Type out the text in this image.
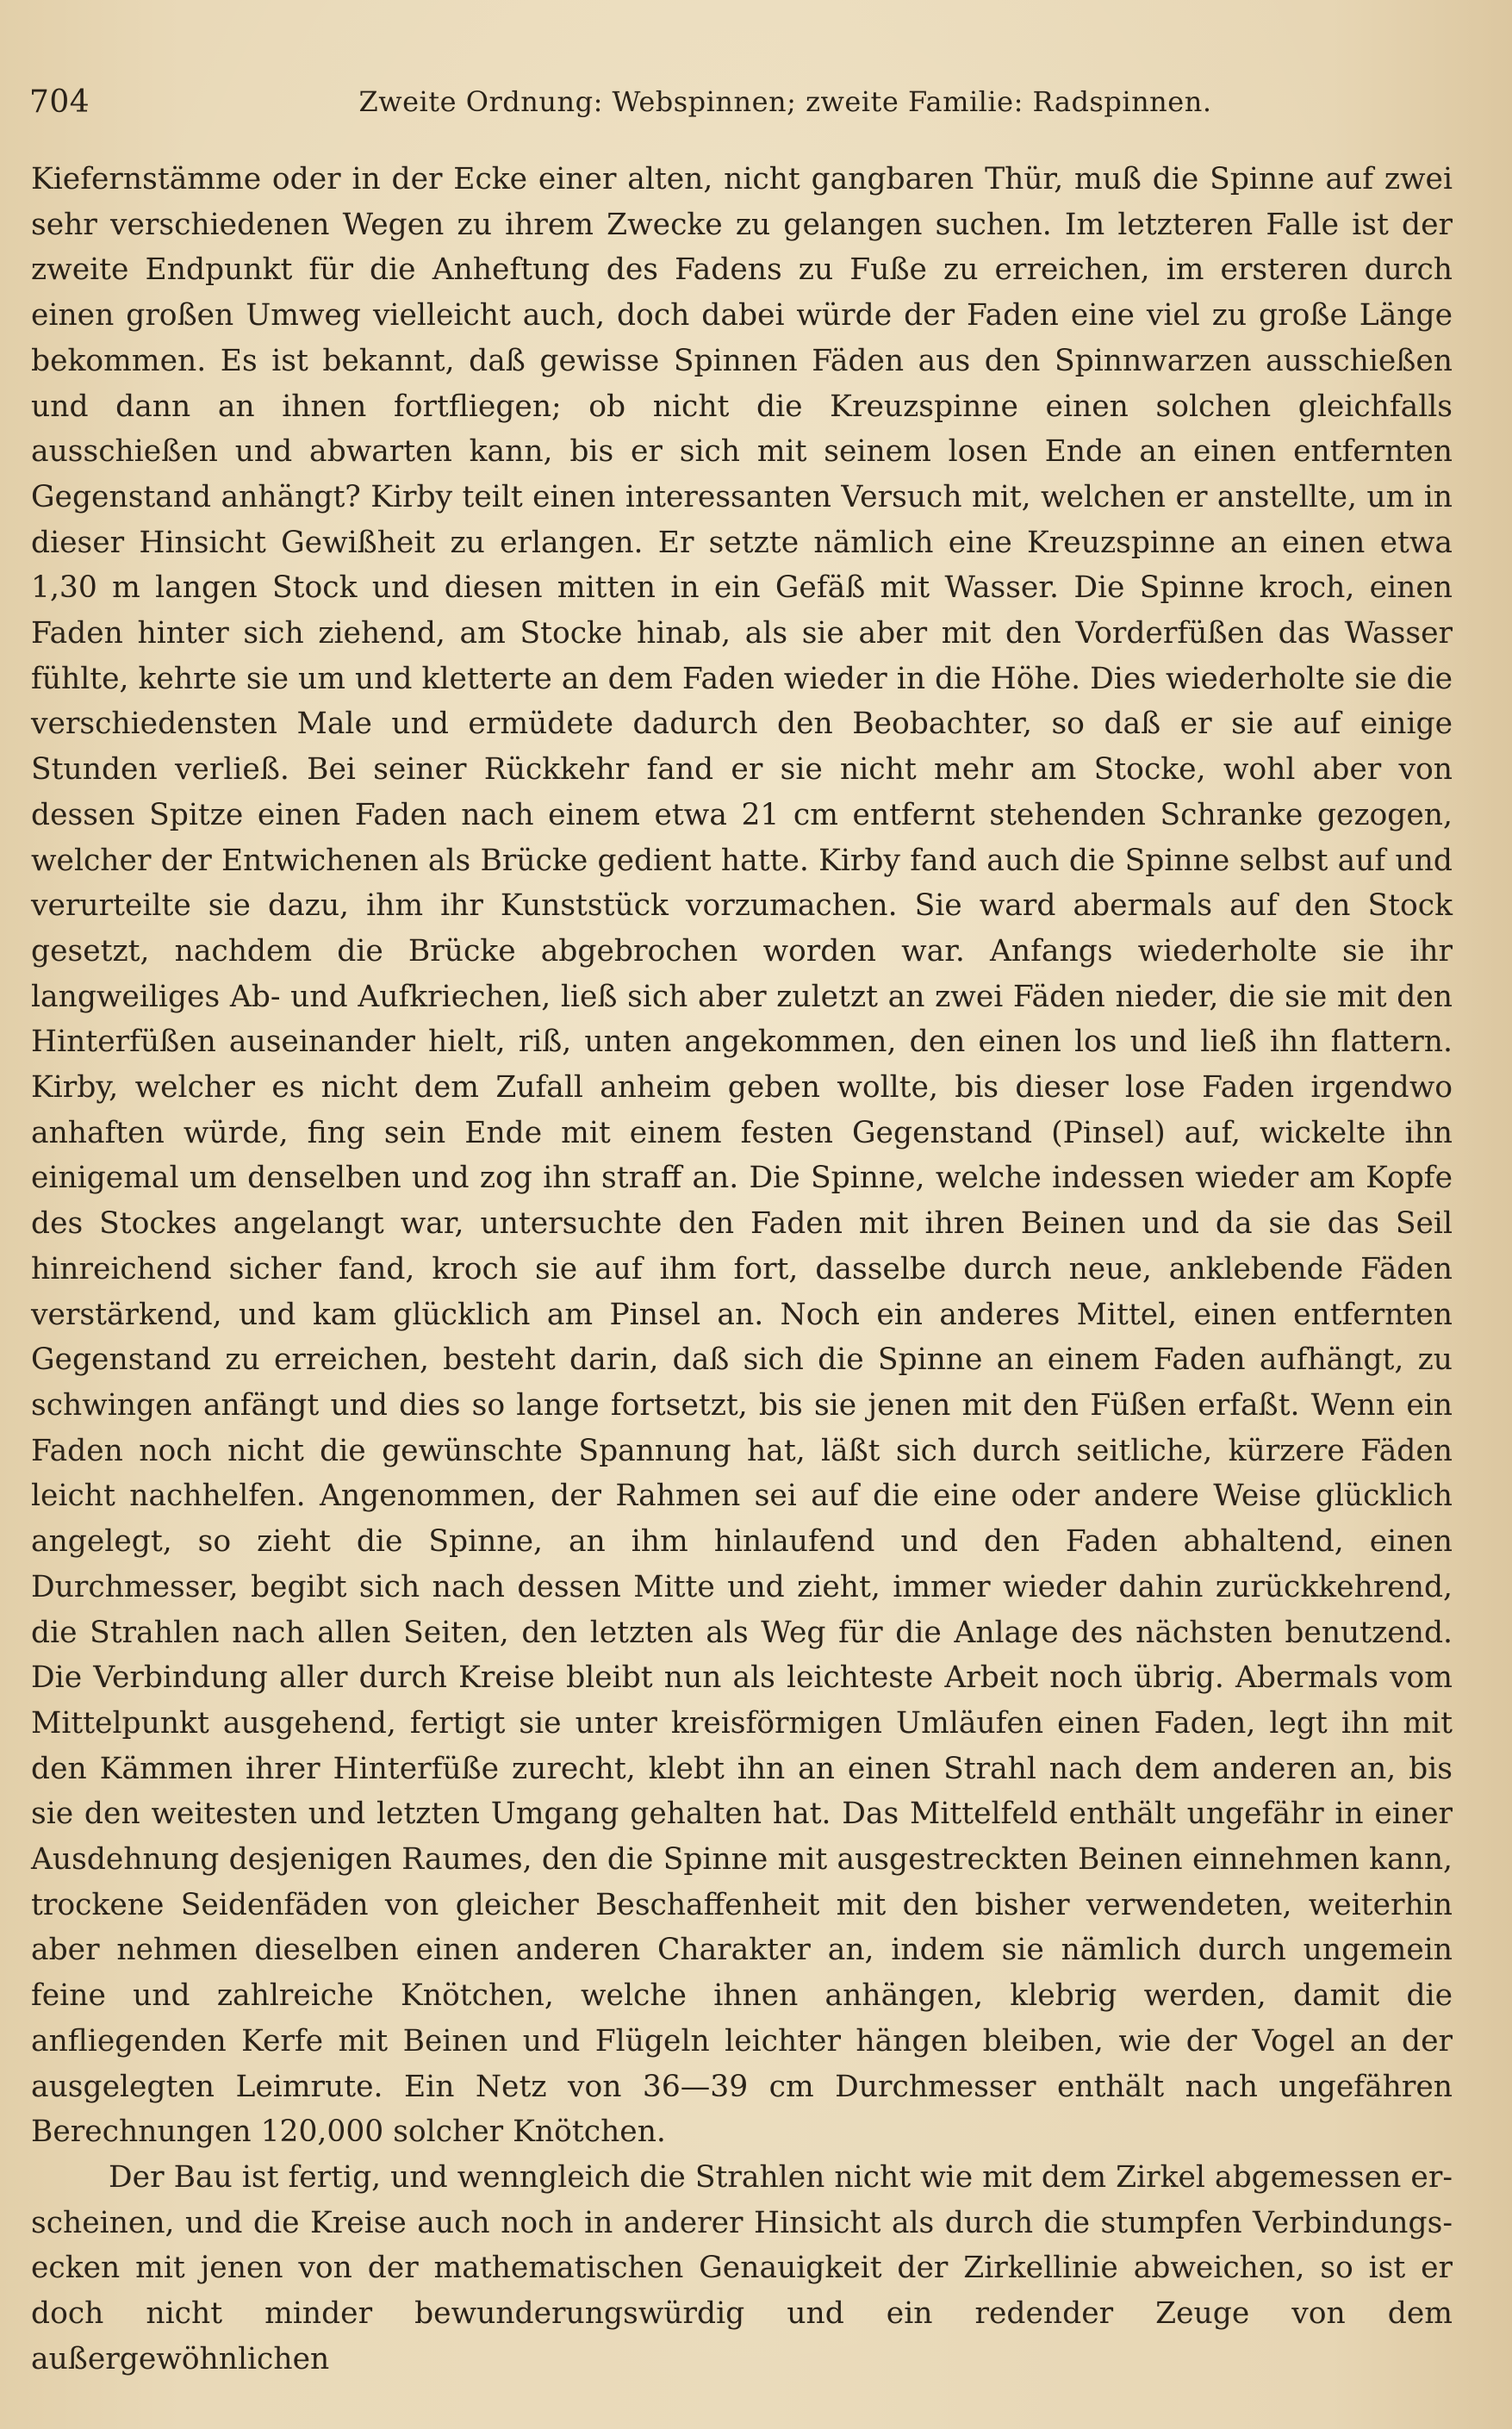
704	Zweite Ordnung: Webspinnen; zweite Familie: Radspinnen.

Kiefernstämme oder in der Ecke einer alten, nicht gangbaren Thür, muß die Spinne auf zwei sehr verschiedenen Wegen zu ihrem Zwecke zu gelangen suchen. Im letzteren Falle ist der zweite Endpunkt für die Anheftung des Fadens zu Fuße zu erreichen, im ersteren durch einen großen Umweg vielleicht auch, doch dabei würde der Faden eine viel zu große Länge bekommen. Es ist bekannt, daß gewisse Spinnen Fäden aus den Spinnwarzen ausschießen und dann an ihnen fortfliegen; ob nicht die Kreuzspinne einen solchen gleichfalls ausschießen und abwarten kann, bis er sich mit seinem losen Ende an einen entfernten Gegenstand anhängt? Kirby teilt einen interessanten Versuch mit, welchen er anstellte, um in dieser Hinsicht Gewißheit zu erlangen. Er setzte nämlich eine Kreuzspinne an einen etwa 1,30 m langen Stock und diesen mitten in ein Gefäß mit Wasser. Die Spinne kroch, einen Faden hinter sich ziehend, am Stocke hinab, als sie aber mit den Vorderfüßen das Wasser fühlte, kehrte sie um und kletterte an dem Faden wieder in die Höhe. Dies wiederholte sie die verschiedensten Male und ermüdete dadurch den Beobachter, so daß er sie auf einige Stunden verließ. Bei seiner Rückkehr fand er sie nicht mehr am Stocke, wohl aber von dessen Spitze einen Faden nach einem etwa 21 cm entfernt stehenden Schranke gezogen, welcher der Entwichenen als Brücke gedient hatte. Kirby fand auch die Spinne selbst auf und verurteilte sie dazu, ihm ihr Kunststück vorzumachen. Sie ward abermals auf den Stock gesetzt, nachdem die Brücke abgebrochen worden war. Anfangs wiederholte sie ihr langweiliges Ab- und Aufkriechen, ließ sich aber zuletzt an zwei Fäden nieder, die sie mit den Hinterfüßen auseinander hielt, riß, unten angekommen, den einen los und ließ ihn flattern. Kirby, welcher es nicht dem Zufall anheim geben wollte, bis dieser lose Faden irgendwo anhaften würde, fing sein Ende mit einem festen Gegenstand (Pinsel) auf, wickelte ihn einigemal um denselben und zog ihn straff an. Die Spinne, welche indessen wieder am Kopfe des Stockes angelangt war, untersuchte den Faden mit ihren Beinen und da sie das Seil hinreichend sicher fand, kroch sie auf ihm fort, dasselbe durch neue, anklebende Fäden verstärkend, und kam glücklich am Pinsel an. Noch ein anderes Mittel, einen entfernten Gegenstand zu erreichen, besteht darin, daß sich die Spinne an einem Faden aufhängt, zu schwingen anfängt und dies so lange fortsetzt, bis sie jenen mit den Füßen erfaßt. Wenn ein Faden noch nicht die gewünschte Spannung hat, läßt sich durch seitliche, kürzere Fäden leicht nachhelfen. Angenommen, der Rahmen sei auf die eine oder andere Weise glücklich angelegt, so zieht die Spinne, an ihm hinlaufend und den Faden abhaltend, einen Durchmesser, begibt sich nach dessen Mitte und zieht, immer wieder dahin zurückkehrend, die Strahlen nach allen Seiten, den letzten als Weg für die Anlage des nächsten benutzend. Die Verbindung aller durch Kreise bleibt nun als leichteste Arbeit noch übrig. Abermals vom Mittelpunkt ausgehend, fertigt sie unter kreisförmigen Umläufen einen Faden, legt ihn mit den Kämmen ihrer Hinterfüße zurecht, klebt ihn an einen Strahl nach dem anderen an, bis sie den weitesten und letzten Umgang gehalten hat. Das Mittelfeld enthält ungefähr in einer Ausdehnung desjenigen Raumes, den die Spinne mit ausgestreckten Beinen einnehmen kann, trockene Seidenfäden von gleicher Beschaffenheit mit den bisher verwendeten, weiterhin aber nehmen dieselben einen anderen Charakter an, indem sie nämlich durch ungemein feine und zahlreiche Knötchen, welche ihnen anhängen, klebrig werden, damit die anfliegenden Kerfe mit Beinen und Flügeln leichter hängen bleiben, wie der Vogel an der ausgelegten Leimrute. Ein Netz von 36—39 cm Durchmesser enthält nach ungefähren Berechnungen 120,000 solcher Knötchen.

Der Bau ist fertig, und wenngleich die Strahlen nicht wie mit dem Zirkel abgemessen erscheinen, und die Kreise auch noch in anderer Hinsicht als durch die stumpfen Verbindungsecken mit jenen von der mathematischen Genauigkeit der Zirkellinie abweichen, so ist er doch nicht minder bewunderungswürdig und ein redender Zeuge von dem außergewöhnlichen
